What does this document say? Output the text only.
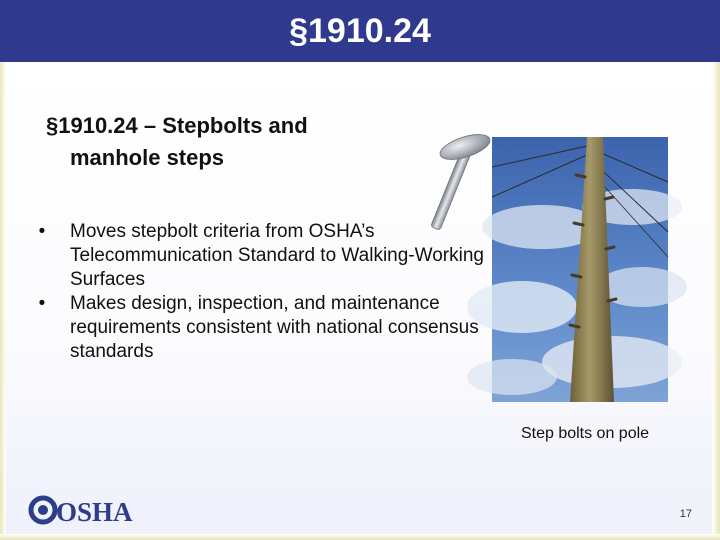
§1910.24
§1910.24 – Stepbolts and
manhole steps
•	Moves stepbolt criteria from OSHA’s Telecommunication Standard to Walking-Working Surfaces
•	Makes design, inspection, and maintenance requirements consistent with national consensus standards
Step bolts on pole
OSHA	17
